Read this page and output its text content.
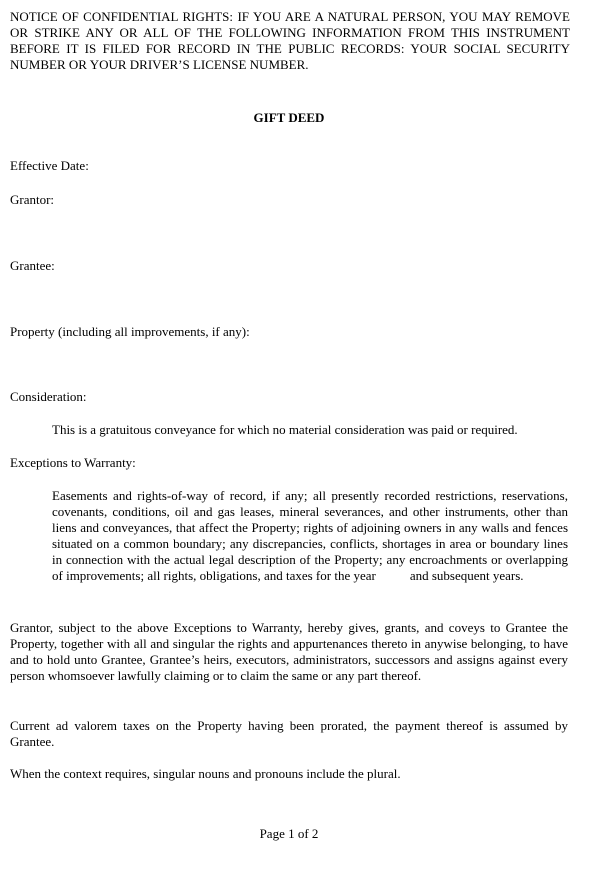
NOTICE OF CONFIDENTIAL RIGHTS: IF YOU ARE A NATURAL PERSON, YOU MAY REMOVE OR STRIKE ANY OR ALL OF THE FOLLOWING INFORMATION FROM THIS INSTRUMENT BEFORE IT IS FILED FOR RECORD IN THE PUBLIC RECORDS: YOUR SOCIAL SECURITY NUMBER OR YOUR DRIVER’S LICENSE NUMBER.

GIFT DEED

Effective Date:

Grantor:

Grantee:

Property (including all improvements, if any):

Consideration:

This is a gratuitous conveyance for which no material consideration was paid or required.

Exceptions to Warranty:

Easements and rights-of-way of record, if any; all presently recorded restrictions, reservations, covenants, conditions, oil and gas leases, mineral severances, and other instruments, other than liens and conveyances, that affect the Property; rights of adjoining owners in any walls and fences situated on a common boundary; any discrepancies, conflicts, shortages in area or boundary lines in connection with the actual legal description of the Property; any encroachments or overlapping of improvements; all rights, obligations, and taxes for the year	and subsequent years.

Grantor, subject to the above Exceptions to Warranty, hereby gives, grants, and coveys to Grantee the Property, together with all and singular the rights and appurtenances thereto in anywise belonging, to have and to hold unto Grantee, Grantee’s heirs, executors, administrators, successors and assigns against every person whomsoever lawfully claiming or to claim the same or any part thereof.

Current ad valorem taxes on the Property having been prorated, the payment thereof is assumed by Grantee.

When the context requires, singular nouns and pronouns include the plural.

Page 1 of 2
